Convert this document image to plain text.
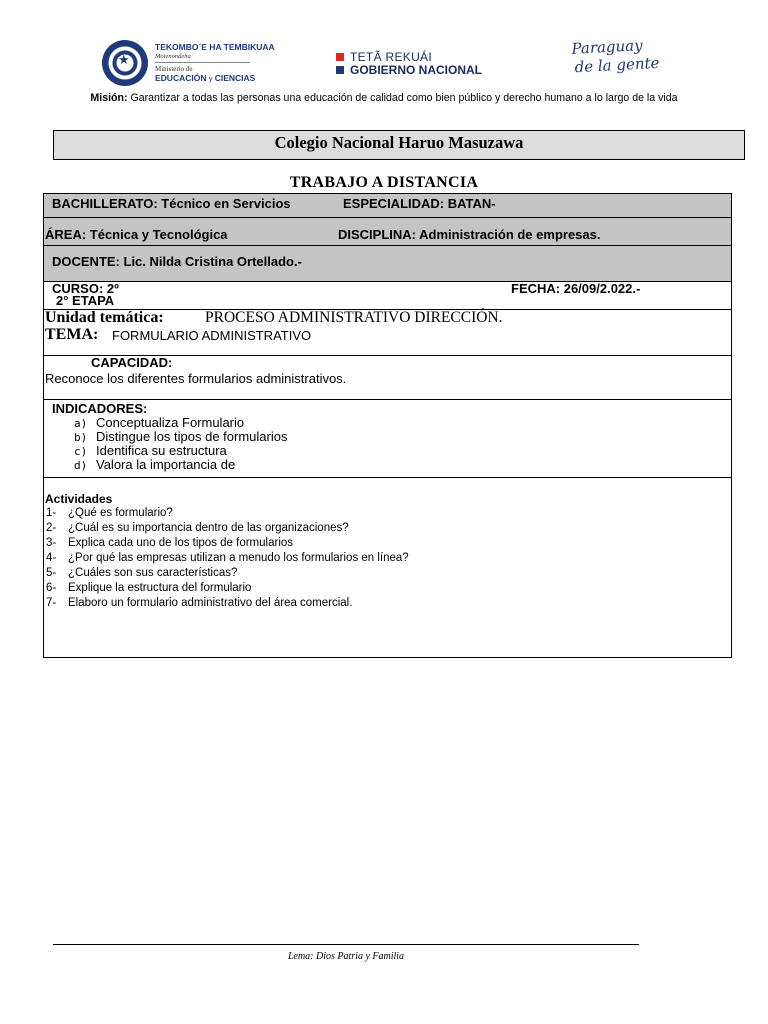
★
TEKOMBO´E HA TEMBIKUAA
Motenondeha
Ministerio de
EDUCACIÓN y CIENCIAS
TETÃ REKUÁI
GOBIERNO NACIONAL
Paraguay
de la gente
Misión: Garantizar a todas las personas una educación de calidad como bien público y derecho humano a lo largo de la vida
Colegio Nacional Haruo Masuzawa
TRABAJO A DISTANCIA
BACHILLERATO: Técnico en Servicios	ESPECIALIDAD: BATAN-
ÁREA: Técnica y Tecnológica	DISCIPLINA: Administración de empresas.
DOCENTE: Lic. Nilda Cristina Ortellado.-
CURSO: 2º	FECHA: 26/09/2.022.-
2° ETAPA
Unidad temática:	PROCESO ADMINISTRATIVO DIRECCIÓN.
TEMA: FORMULARIO ADMINISTRATIVO
CAPACIDAD:
Reconoce los diferentes formularios administrativos.
INDICADORES:
a) Conceptualiza Formulario
b) Distingue los tipos de formularios
c) Identifica su estructura
d) Valora la importancia de
Actividades
1- ¿Qué es formulario?
2- ¿Cuál es su importancia dentro de las organizaciones?
3- Explica cada uno de los tipos de formularios
4- ¿Por qué las empresas utilizan a menudo los formularios en línea?
5- ¿Cuáles son sus características?
6- Explique la estructura del formulario
7- Elaboro un formulario administrativo del área comercial.
Lema: Dios Patria y Familia
